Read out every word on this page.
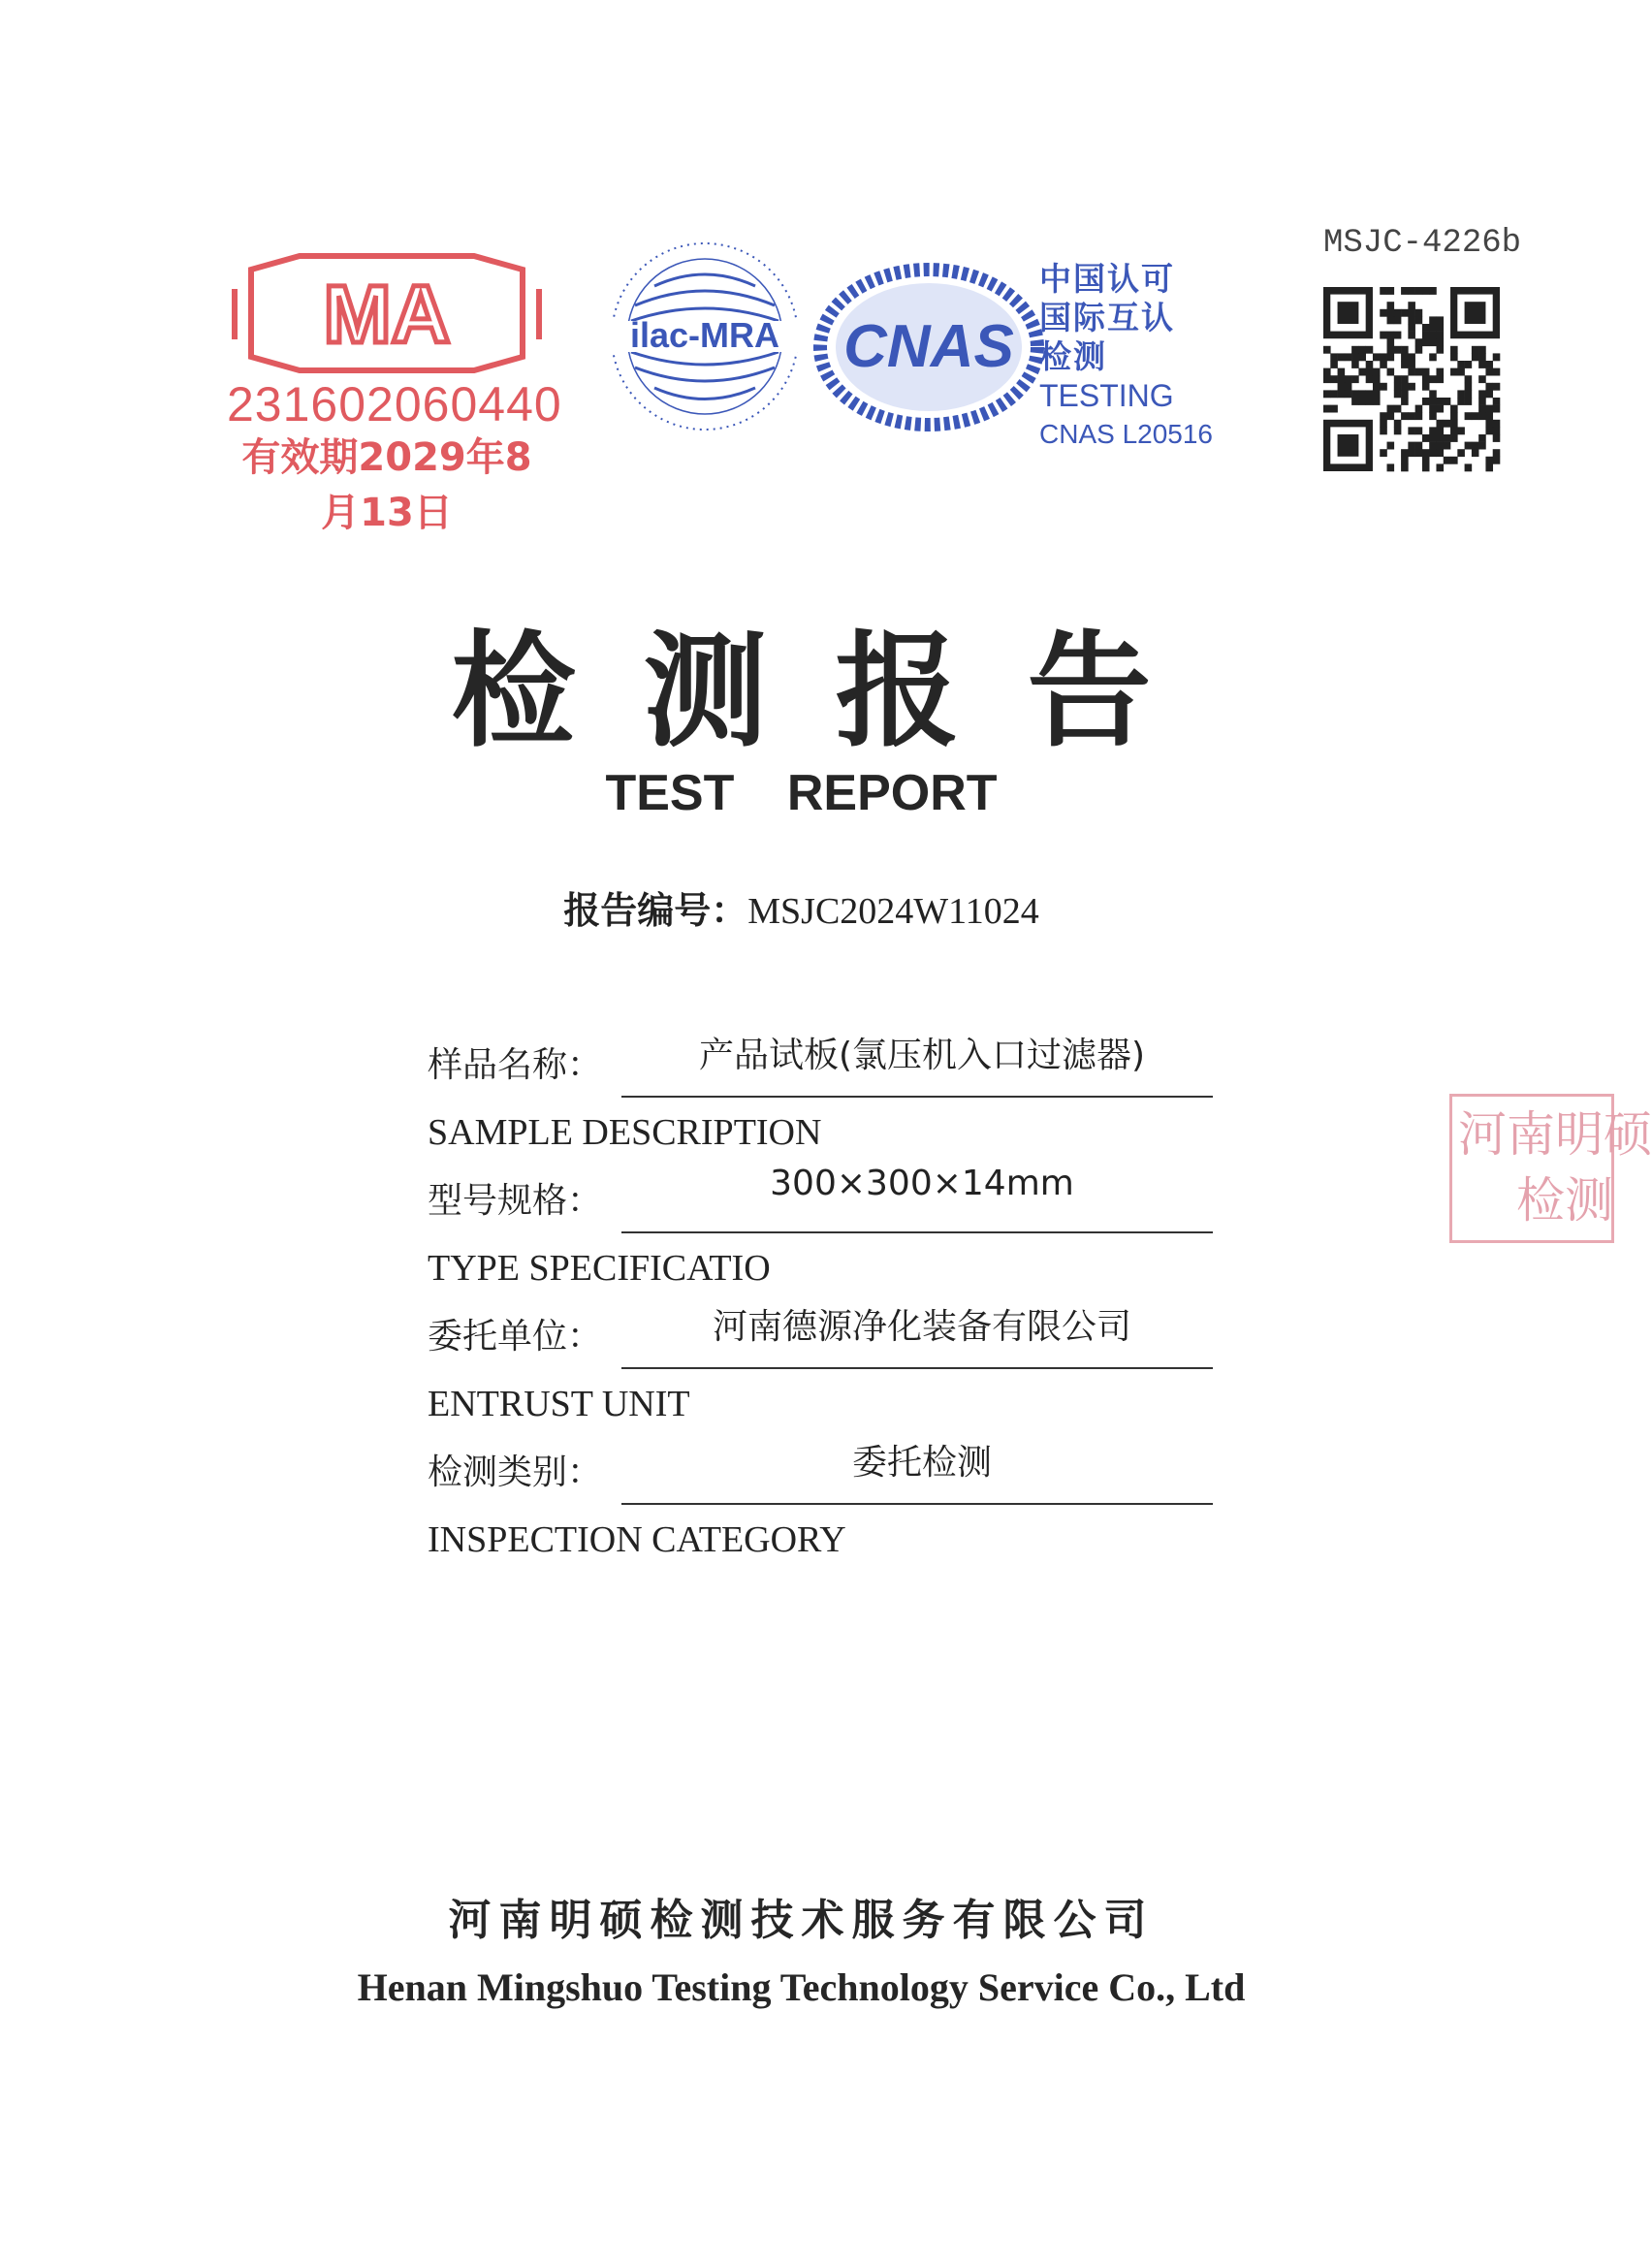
MA
231602060440
有效期2029年8月13日
ilac-MRA CNAS
中国认可
国际互认
检测
TESTING
CNAS L20516
MSJC-4226b
检测报告
TEST REPORT
报告编号：MSJC2024W11024
样品名称：	产品试板(氯压机入口过滤器)
SAMPLE DESCRIPTION
型号规格：	300×300×14mm
TYPE SPECIFICATIO
委托单位：	河南德源净化装备有限公司
ENTRUST UNIT
检测类别：	委托检测
INSPECTION CATEGORY
河南明硕
检测
河南明硕检测技术服务有限公司
Henan Mingshuo Testing Technology Service Co., Ltd
